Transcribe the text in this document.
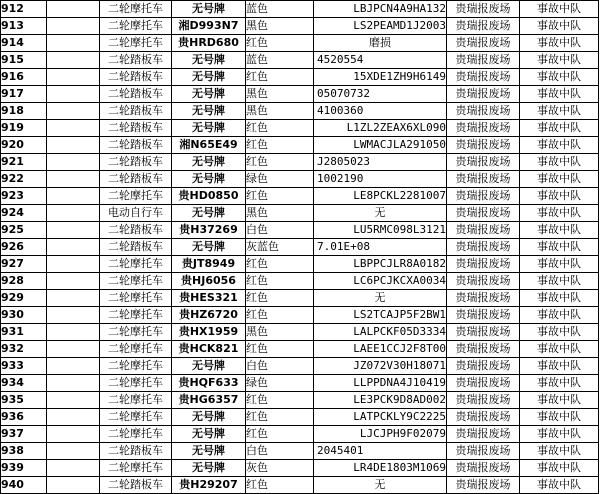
912		二轮摩托车	无号牌	蓝色	LBJPCN4A9HA132	贵瑞报废场	事故中队
913		二轮摩托车	湘D993N7	黑色	LS2PEAMD1J2003	贵瑞报废场	事故中队
914		二轮摩托车	贵HRD680	红色	磨损	贵瑞报废场	事故中队
915		二轮踏板车	无号牌	蓝色	4520554	贵瑞报废场	事故中队
916		二轮踏板车	无号牌	红色	15XDE1ZH9H6149	贵瑞报废场	事故中队
917		二轮踏板车	无号牌	黑色	05070732	贵瑞报废场	事故中队
918		二轮踏板车	无号牌	黑色	4100360	贵瑞报废场	事故中队
919		二轮踏板车	无号牌	红色	L1ZL2ZEAX6XL090	贵瑞报废场	事故中队
920		二轮踏板车	湘N65E49	红色	LWMACJLA291050	贵瑞报废场	事故中队
921		二轮踏板车	无号牌	红色	J2805023	贵瑞报废场	事故中队
922		二轮踏板车	无号牌	绿色	1002190	贵瑞报废场	事故中队
923		二轮摩托车	贵HD0850	红色	LE8PCKL2281007	贵瑞报废场	事故中队
924		电动自行车	无号牌	黑色	无	贵瑞报废场	事故中队
925		二轮踏板车	贵H37269	白色	LU5RMC098L3121	贵瑞报废场	事故中队
926		二轮踏板车	无号牌	灰蓝色	7.01E+08	贵瑞报废场	事故中队
927		二轮摩托车	贵JT8949	红色	LBPPCJLR8A0182	贵瑞报废场	事故中队
928		二轮摩托车	贵HJ6056	红色	LC6PCJKCXA0034	贵瑞报废场	事故中队
929		二轮摩托车	贵HES321	红色	无	贵瑞报废场	事故中队
930		二轮摩托车	贵HZ6720	红色	LS2TCAJP5F2BW1	贵瑞报废场	事故中队
931		二轮摩托车	贵HX1959	黑色	LALPCKF05D3334	贵瑞报废场	事故中队
932		二轮摩托车	贵HCK821	红色	LAEE1CCJ2F8T00	贵瑞报废场	事故中队
933		二轮摩托车	无号牌	白色	JZ072V30H18071	贵瑞报废场	事故中队
934		二轮摩托车	贵HQF633	绿色	LLPPDNA4J10419	贵瑞报废场	事故中队
935		二轮摩托车	贵HG6357	红色	LE3PCK9D8AD002	贵瑞报废场	事故中队
936		二轮摩托车	无号牌	红色	LATPCKLY9C2225	贵瑞报废场	事故中队
937		二轮摩托车	无号牌	红色	LJCJPH9F02079	贵瑞报废场	事故中队
938		二轮踏板车	无号牌	白色	2045401	贵瑞报废场	事故中队
939		二轮摩托车	无号牌	灰色	LR4DE1803M1069	贵瑞报废场	事故中队
940		二轮踏板车	贵H29207	红色	无	贵瑞报废场	事故中队
